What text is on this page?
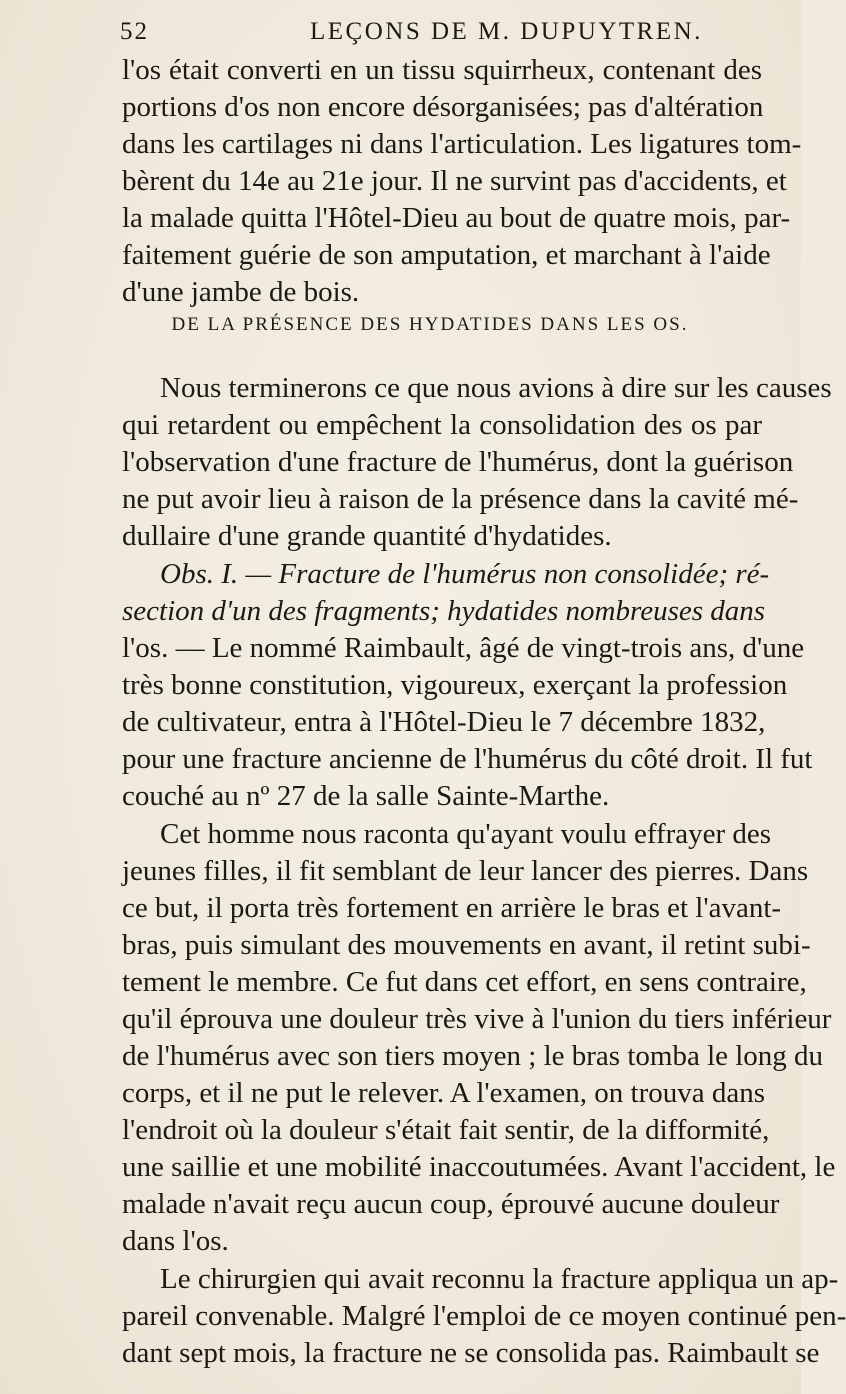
52	LEÇONS DE M. DUPUYTREN.
l'os était converti en un tissu squirrheux, contenant des
portions d'os non encore désorganisées; pas d'altération
dans les cartilages ni dans l'articulation. Les ligatures tom-
bèrent du 14e au 21e jour. Il ne survint pas d'accidents, et
la malade quitta l'Hôtel-Dieu au bout de quatre mois, par-
faitement guérie de son amputation, et marchant à l'aide
d'une jambe de bois.
DE LA PRÉSENCE DES HYDATIDES DANS LES OS.
Nous terminerons ce que nous avions à dire sur les causes
qui retardent ou empêchent la consolidation des os par
l'observation d'une fracture de l'humérus, dont la guérison
ne put avoir lieu à raison de la présence dans la cavité mé-
dullaire d'une grande quantité d'hydatides.
Obs. I. — Fracture de l'humérus non consolidée; ré-
section d'un des fragments; hydatides nombreuses dans
l'os. — Le nommé Raimbault, âgé de vingt-trois ans, d'une
très bonne constitution, vigoureux, exerçant la profession
de cultivateur, entra à l'Hôtel-Dieu le 7 décembre 1832,
pour une fracture ancienne de l'humérus du côté droit. Il fut
couché au nº 27 de la salle Sainte-Marthe.
Cet homme nous raconta qu'ayant voulu effrayer des
jeunes filles, il fit semblant de leur lancer des pierres. Dans
ce but, il porta très fortement en arrière le bras et l'avant-
bras, puis simulant des mouvements en avant, il retint subi-
tement le membre. Ce fut dans cet effort, en sens contraire,
qu'il éprouva une douleur très vive à l'union du tiers inférieur
de l'humérus avec son tiers moyen ; le bras tomba le long du
corps, et il ne put le relever. A l'examen, on trouva dans
l'endroit où la douleur s'était fait sentir, de la difformité,
une saillie et une mobilité inaccoutumées. Avant l'accident, le
malade n'avait reçu aucun coup, éprouvé aucune douleur
dans l'os.
Le chirurgien qui avait reconnu la fracture appliqua un ap-
pareil convenable. Malgré l'emploi de ce moyen continué pen-
dant sept mois, la fracture ne se consolida pas. Raimbault se
